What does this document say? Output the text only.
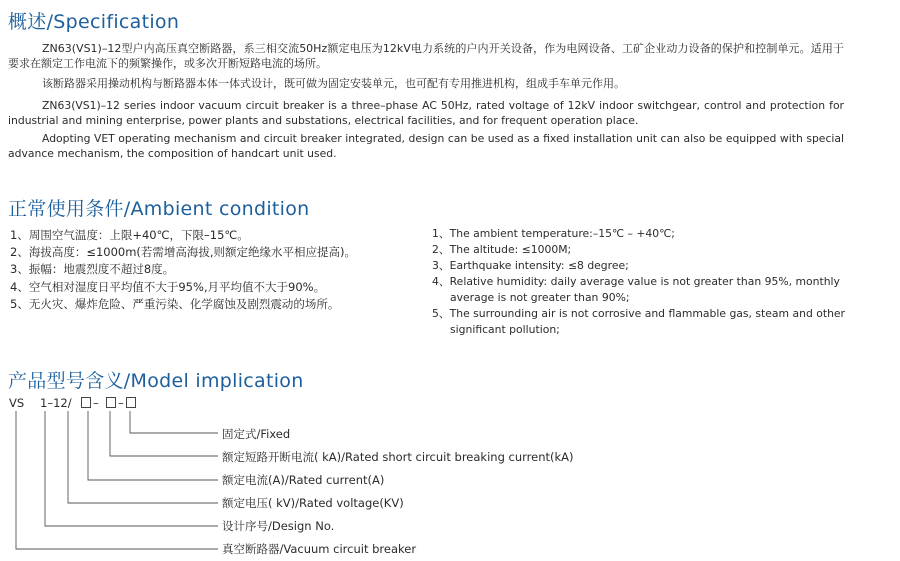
概述/Specification

ZN63(VS1)–12型户内高压真空断路器，系三相交流50Hz额定电压为12kV电力系统的户内开关设备，作为电网设备、工矿企业动力设备的保护和控制单元。适用于要求在额定工作电流下的频繁操作，或多次开断短路电流的场所。

该断路器采用操动机构与断路器本体一体式设计，既可做为固定安装单元，也可配有专用推进机构，组成手车单元作用。

ZN63(VS1)–12 series indoor vacuum circuit breaker is a three–phase AC 50Hz, rated voltage of 12kV indoor switchgear, control and protection for industrial and mining enterprise, power plants and substations, electrical facilities, and for frequent operation place.

Adopting VET operating mechanism and circuit breaker integrated, design can be used as a fixed installation unit can also be equipped with special advance mechanism, the composition of handcart unit used.

正常使用条件/Ambient condition
1、周围空气温度：上限+40℃，下限–15℃。
2、海拔高度：≤1000m(若需增高海拔,则额定绝缘水平相应提高)。
3、振幅：地震烈度不超过8度。
4、空气相对湿度日平均值不大于95%,月平均值不大于90%。
5、无火灾、爆炸危险、严重污染、化学腐蚀及剧烈震动的场所。
1、The ambient temperature:–15℃ – +40℃;
2、The altitude: ≤1000M;
3、Earthquake intensity: ≤8 degree;
4、Relative humidity: daily average value is not greater than 95%, monthly
average is not greater than 90%;
5、The surrounding air is not corrosive and flammable gas, steam and other
significant pollution;
产品型号含义/Model implication
VS 1–12/ – –
固定式/Fixed
额定短路开断电流( kA)/Rated short circuit breaking current(kA)
额定电流(A)/Rated current(A)
额定电压( kV)/Rated voltage(KV)
设计序号/Design No.
真空断路器/Vacuum circuit breaker
